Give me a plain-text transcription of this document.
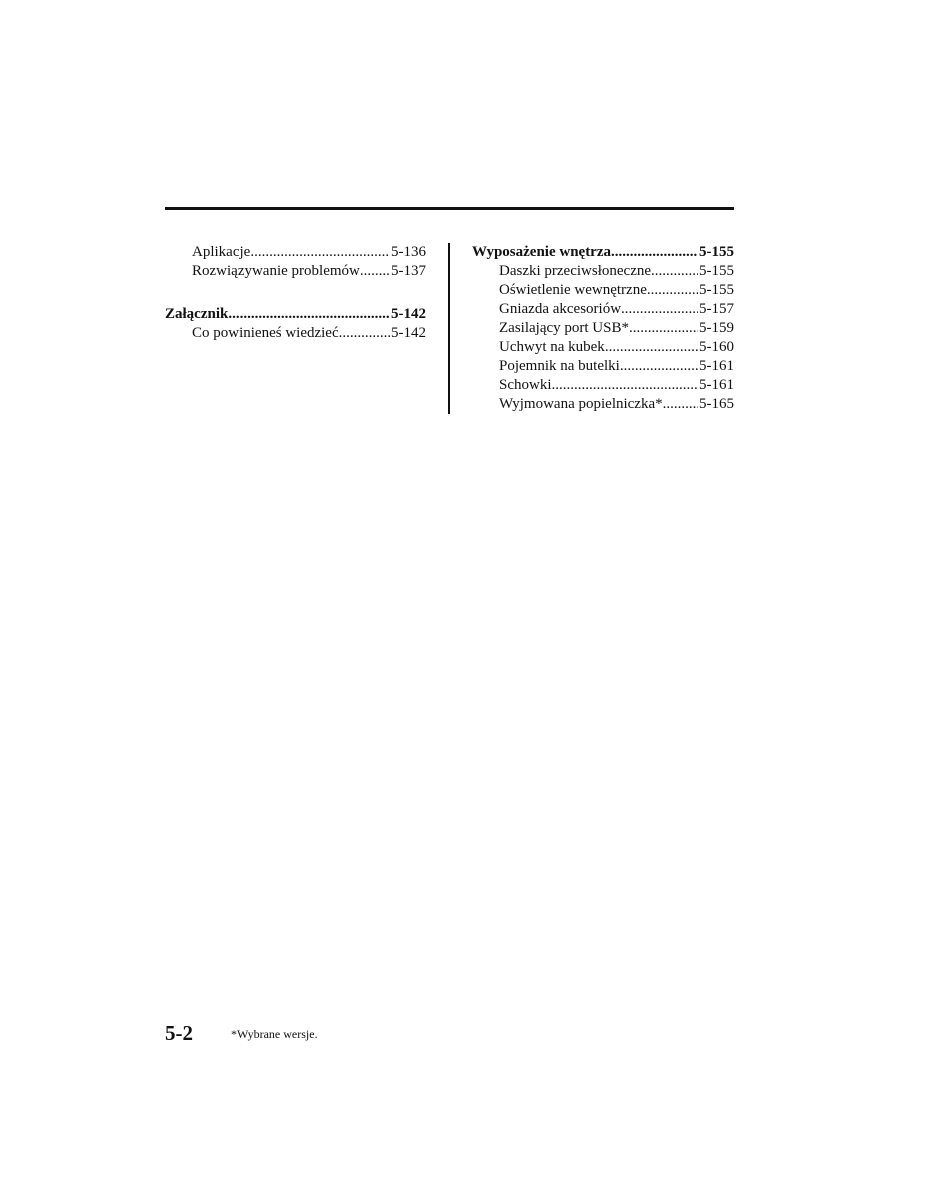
Aplikacje .....	5-136
Rozwiązywanie problemów ..... 5-137
Załącznik .....	5-142
Co powinieneś wiedzieć .....	5-142
Wyposażenie wnętrza .....	5-155
Daszki przeciwsłoneczne .....	5-155
Oświetlenie wewnętrzne .....	5-155
Gniazda akcesoriów .....	5-157
Zasilający port USB* .....	5-159
Uchwyt na kubek .....	5-160
Pojemnik na butelki .....	5-161
Schowki .....	5-161
Wyjmowana popielniczka* ..... 5-165
5-2	*Wybrane wersje.
